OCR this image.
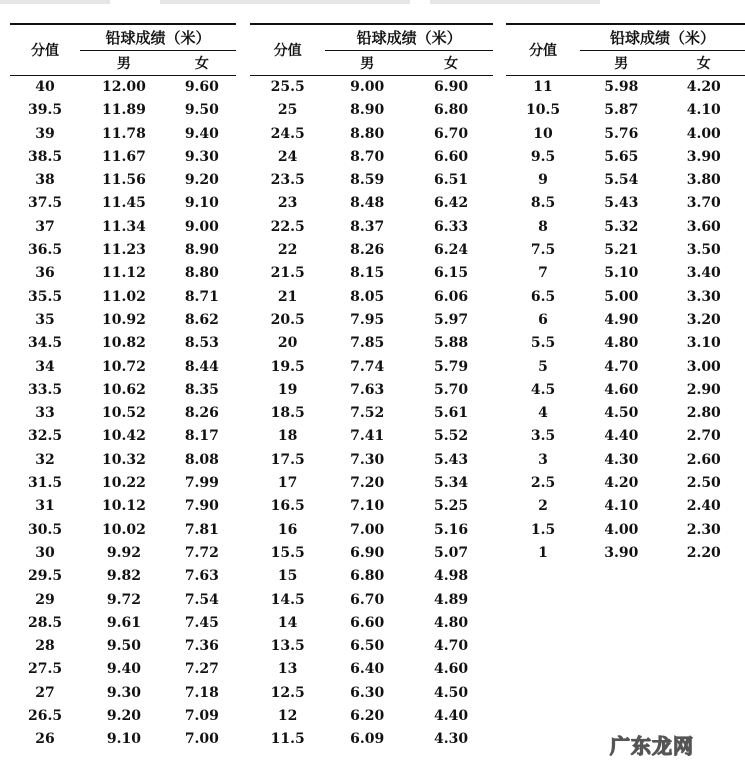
分值	铅球成绩（米）	
	男	女

40	12.00	9.60
39.5	11.89	9.50
39	11.78	9.40
38.5	11.67	9.30
38	11.56	9.20
37.5	11.45	9.10
37	11.34	9.00
36.5	11.23	8.90
36	11.12	8.80
35.5	11.02	8.71
35	10.92	8.62
34.5	10.82	8.53
34	10.72	8.44
33.5	10.62	8.35
33	10.52	8.26
32.5	10.42	8.17
32	10.32	8.08
31.5	10.22	7.99
31	10.12	7.90
30.5	10.02	7.81
30	9.92	7.72
29.5	9.82	7.63
29	9.72	7.54
28.5	9.61	7.45
28	9.50	7.36
27.5	9.40	7.27
27	9.30	7.18
26.5	9.20	7.09
26	9.10	7.00
分值	铅球成绩（米）	
	男	女

25.5	9.00	6.90
25	8.90	6.80
24.5	8.80	6.70
24	8.70	6.60
23.5	8.59	6.51
23	8.48	6.42
22.5	8.37	6.33
22	8.26	6.24
21.5	8.15	6.15
21	8.05	6.06
20.5	7.95	5.97
20	7.85	5.88
19.5	7.74	5.79
19	7.63	5.70
18.5	7.52	5.61
18	7.41	5.52
17.5	7.30	5.43
17	7.20	5.34
16.5	7.10	5.25
16	7.00	5.16
15.5	6.90	5.07
15	6.80	4.98
14.5	6.70	4.89
14	6.60	4.80
13.5	6.50	4.70
13	6.40	4.60
12.5	6.30	4.50
12	6.20	4.40
11.5	6.09	4.30
分值	铅球成绩（米）	
	男	女

11	5.98	4.20
10.5	5.87	4.10
10	5.76	4.00
9.5	5.65	3.90
9	5.54	3.80
8.5	5.43	3.70
8	5.32	3.60
7.5	5.21	3.50
7	5.10	3.40
6.5	5.00	3.30
6	4.90	3.20
5.5	4.80	3.10
5	4.70	3.00
4.5	4.60	2.90
4	4.50	2.80
3.5	4.40	2.70
3	4.30	2.60
2.5	4.20	2.50
2	4.10	2.40
1.5	4.00	2.30
1	3.90	2.20
广东龙网
